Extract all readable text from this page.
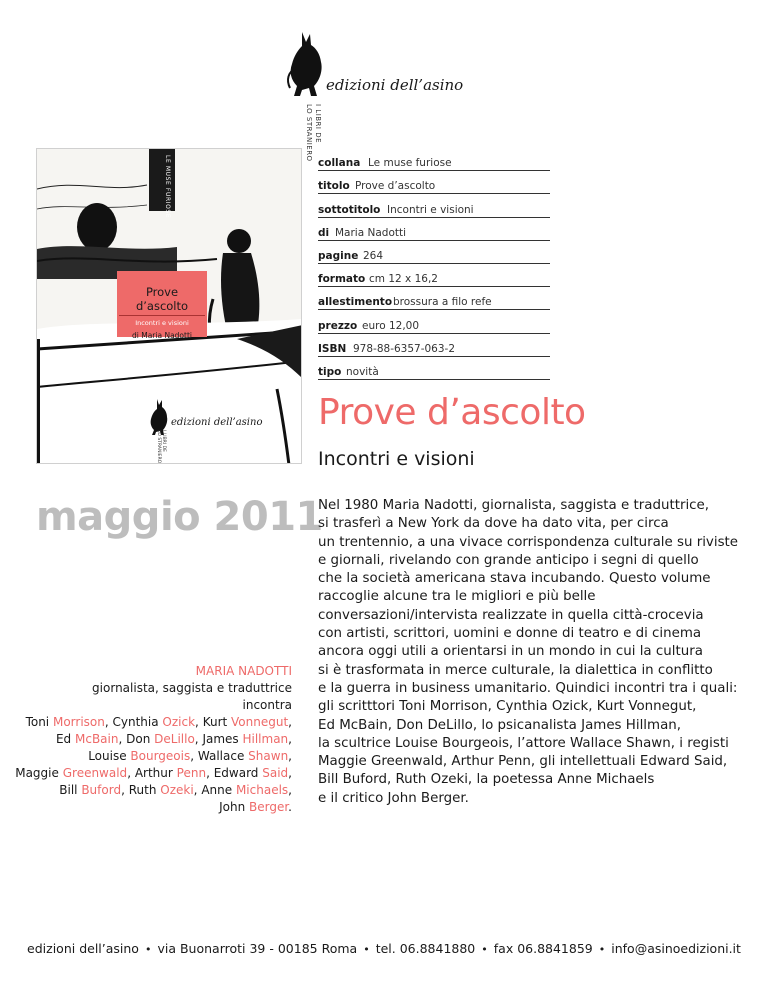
edizioni dell’asino
I LIBRI DE
LO STRANIERO
LE MUSE FURIOSE
Prove d’ascolto
Incontri e visioni
di Maria Nadotti
edizioni dell’asino
I LIBRI DE
LO STRANIERO
collana Le muse furiose
titolo Prove d’ascolto
sottotitolo Incontri e visioni
di Maria Nadotti
pagine 264
formato cm 12 x 16,2
allestimento brossura a filo refe
prezzo euro 12,00
ISBN 978-88-6357-063-2
tipo novità
Prove d’ascolto
Incontri e visioni
maggio 2011
MARIA NADOTTI
giornalista, saggista e traduttrice
incontra
Toni Morrison, Cynthia Ozick, Kurt Vonnegut,
Ed McBain, Don DeLillo, James Hillman,
Louise Bourgeois, Wallace Shawn,
Maggie Greenwald, Arthur Penn, Edward Said,
Bill Buford, Ruth Ozeki, Anne Michaels,
John Berger.
Nel 1980 Maria Nadotti, giornalista, saggista e traduttrice,
si trasferì a New York da dove ha dato vita, per circa
un trentennio, a una vivace corrispondenza culturale su riviste
e giornali, rivelando con grande anticipo i segni di quello
che la società americana stava incubando. Questo volume
raccoglie alcune tra le migliori e più belle
conversazioni/intervista realizzate in quella città-crocevia
con artisti, scrittori, uomini e donne di teatro e di cinema
ancora oggi utili a orientarsi in un mondo in cui la cultura
si è trasformata in merce culturale, la dialettica in conflitto
e la guerra in business umanitario. Quindici incontri tra i quali:
gli scritttori Toni Morrison, Cynthia Ozick, Kurt Vonnegut,
Ed McBain, Don DeLillo, lo psicanalista James Hillman,
la scultrice Louise Bourgeois, l’attore Wallace Shawn, i registi
Maggie Greenwald, Arthur Penn, gli intellettuali Edward Said,
Bill Buford, Ruth Ozeki, la poetessa Anne Michaels
e il critico John Berger.
edizioni dell’asino • via Buonarroti 39 - 00185 Roma • tel. 06.8841880 • fax 06.8841859 • info@asinoedizioni.it
